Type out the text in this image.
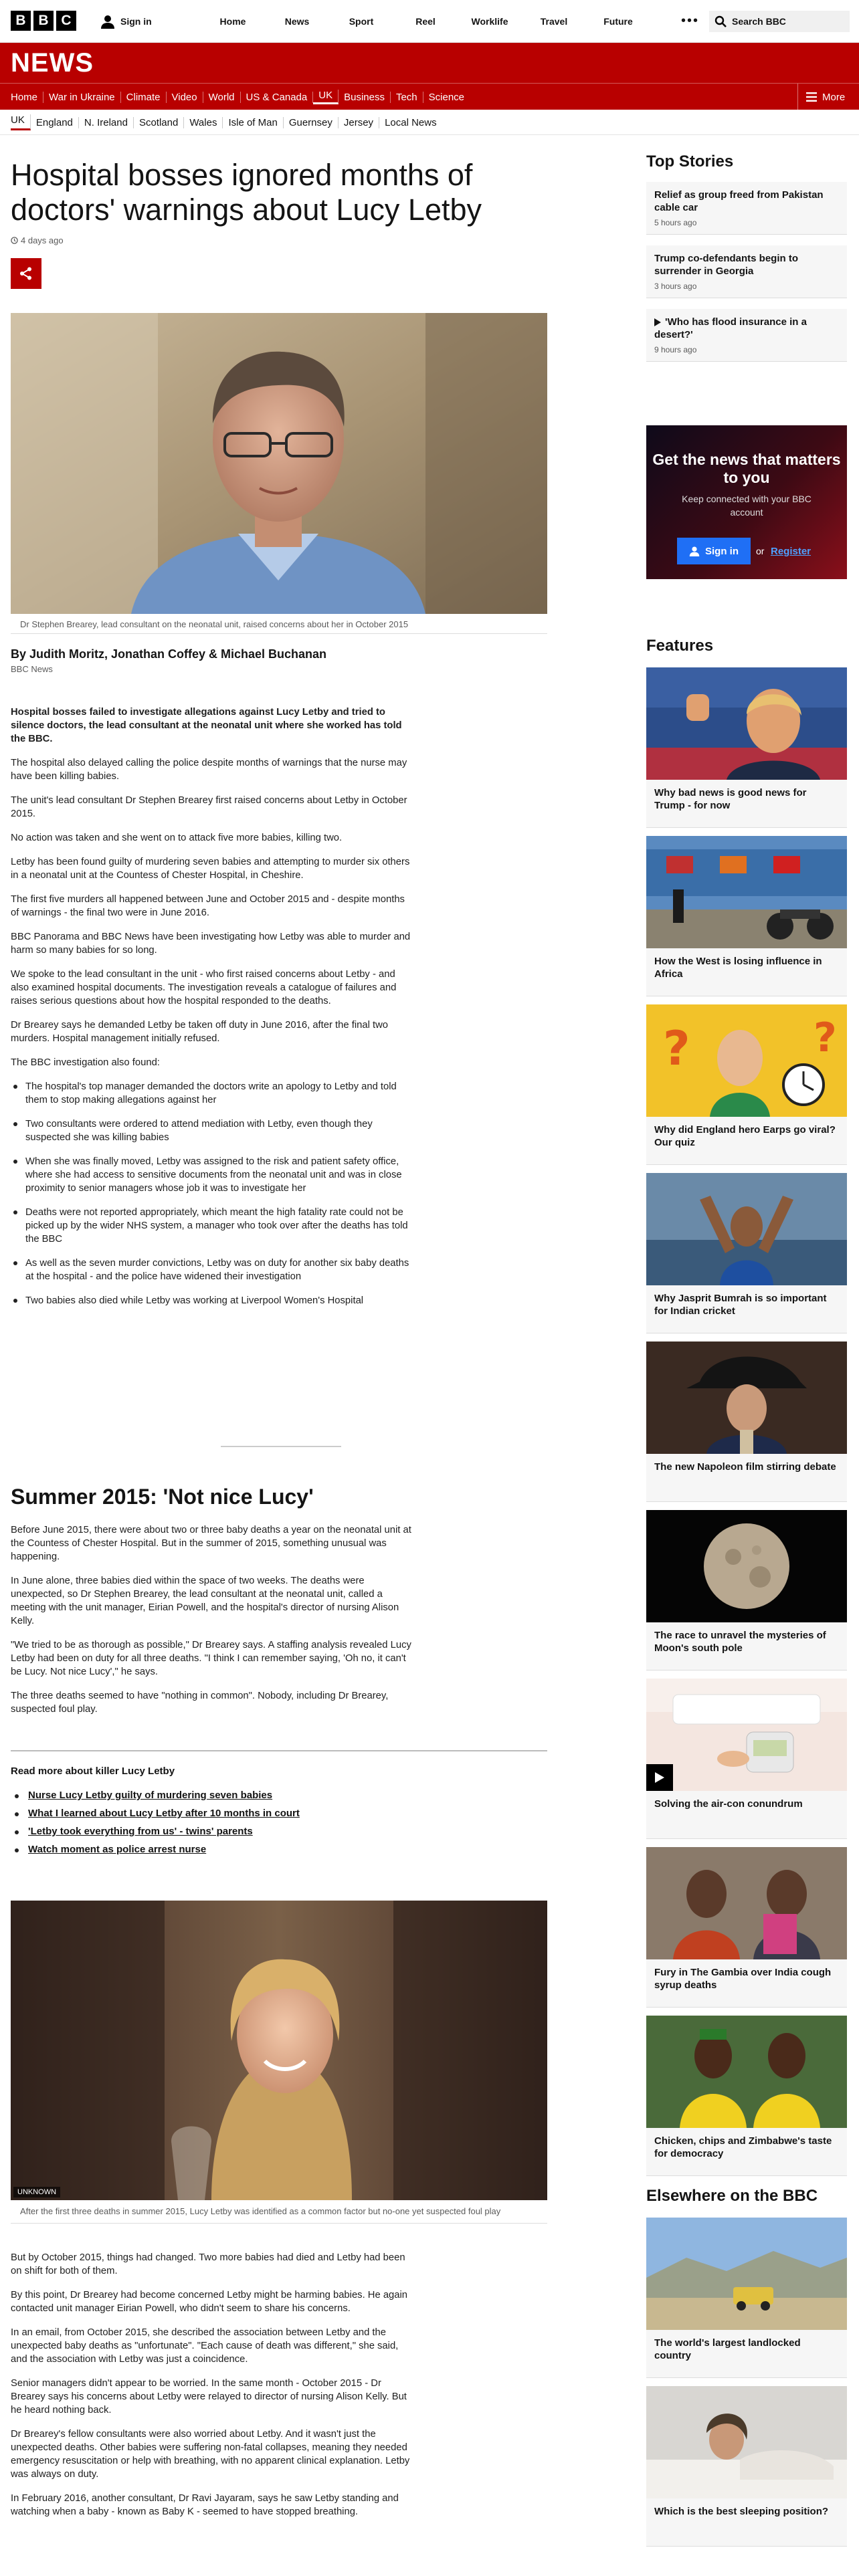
B B C	Sign in	Home	News	Sport	Reel	Worklife	Travel	Future	•••	Search BBC
NEWS
Home	War in Ukraine	Climate	Video	World	US & Canada	UK	Business	Tech	Science	More
UK	England	N. Ireland	Scotland	Wales	Isle of Man	Guernsey	Jersey	Local News
Hospital bosses ignored months of doctors' warnings about Lucy Letby
4 days ago
Dr Stephen Brearey, lead consultant on the neonatal unit, raised concerns about her in October 2015
By Judith Moritz, Jonathan Coffey & Michael Buchanan
BBC News

Hospital bosses failed to investigate allegations against Lucy Letby and tried to silence doctors, the lead consultant at the neonatal unit where she worked has told the BBC.

The hospital also delayed calling the police despite months of warnings that the nurse may have been killing babies.

The unit's lead consultant Dr Stephen Brearey first raised concerns about Letby in October 2015.

No action was taken and she went on to attack five more babies, killing two.

Letby has been found guilty of murdering seven babies and attempting to murder six others in a neonatal unit at the Countess of Chester Hospital, in Cheshire.

The first five murders all happened between June and October 2015 and - despite months of warnings - the final two were in June 2016.

BBC Panorama and BBC News have been investigating how Letby was able to murder and harm so many babies for so long.

We spoke to the lead consultant in the unit - who first raised concerns about Letby - and also examined hospital documents. The investigation reveals a catalogue of failures and raises serious questions about how the hospital responded to the deaths.

Dr Brearey says he demanded Letby be taken off duty in June 2016, after the final two murders. Hospital management initially refused.

The BBC investigation also found:

The hospital's top manager demanded the doctors write an apology to Letby and told them to stop making allegations against her
Two consultants were ordered to attend mediation with Letby, even though they suspected she was killing babies
When she was finally moved, Letby was assigned to the risk and patient safety office, where she had access to sensitive documents from the neonatal unit and was in close proximity to senior managers whose job it was to investigate her
Deaths were not reported appropriately, which meant the high fatality rate could not be picked up by the wider NHS system, a manager who took over after the deaths has told the BBC
As well as the seven murder convictions, Letby was on duty for another six baby deaths at the hospital - and the police have widened their investigation
Two babies also died while Letby was working at Liverpool Women's Hospital
Summer 2015: 'Not nice Lucy'

Before June 2015, there were about two or three baby deaths a year on the neonatal unit at the Countess of Chester Hospital. But in the summer of 2015, something unusual was happening.

In June alone, three babies died within the space of two weeks. The deaths were unexpected, so Dr Stephen Brearey, the lead consultant at the neonatal unit, called a meeting with the unit manager, Eirian Powell, and the hospital's director of nursing Alison Kelly.

"We tried to be as thorough as possible," Dr Brearey says. A staffing analysis revealed Lucy Letby had been on duty for all three deaths. "I think I can remember saying, 'Oh no, it can't be Lucy. Not nice Lucy'," he says.

The three deaths seemed to have "nothing in common". Nobody, including Dr Brearey, suspected foul play.

Read more about killer Lucy Letby
Nurse Lucy Letby guilty of murdering seven babies
What I learned about Lucy Letby after 10 months in court
'Letby took everything from us' - twins' parents
Watch moment as police arrest nurse
UNKNOWN
After the first three deaths in summer 2015, Lucy Letby was identified as a common factor but no-one yet suspected foul play

But by October 2015, things had changed. Two more babies had died and Letby had been on shift for both of them.

By this point, Dr Brearey had become concerned Letby might be harming babies. He again contacted unit manager Eirian Powell, who didn't seem to share his concerns.

In an email, from October 2015, she described the association between Letby and the unexpected baby deaths as "unfortunate". "Each cause of death was different," she said, and the association with Letby was just a coincidence.

Senior managers didn't appear to be worried. In the same month - October 2015 - Dr Brearey says his concerns about Letby were relayed to director of nursing Alison Kelly. But he heard nothing back.

Dr Brearey's fellow consultants were also worried about Letby. And it wasn't just the unexpected deaths. Other babies were suffering non-fatal collapses, meaning they needed emergency resuscitation or help with breathing, with no apparent clinical explanation. Letby was always on duty.

In February 2016, another consultant, Dr Ravi Jayaram, says he saw Letby standing and watching when a baby - known as Baby K - seemed to have stopped breathing.

Top Stories
Relief as group freed from Pakistan cable car
5 hours ago
Trump co-defendants begin to surrender in Georgia
3 hours ago
'Who has flood insurance in a desert?'
9 hours ago
Get the news that matters to you
Keep connected with your BBC account
Sign in or Register
Features
Why bad news is good news for Trump - for now
How the West is losing influence in Africa
?	?
Why did England hero Earps go viral? Our quiz
Why Jasprit Bumrah is so important for Indian cricket
The new Napoleon film stirring debate
The race to unravel the mysteries of Moon's south pole
Solving the air-con conundrum
Fury in The Gambia over India cough syrup deaths
Chicken, chips and Zimbabwe's taste for democracy
Elsewhere on the BBC
The world's largest landlocked country
Which is the best sleeping position?
